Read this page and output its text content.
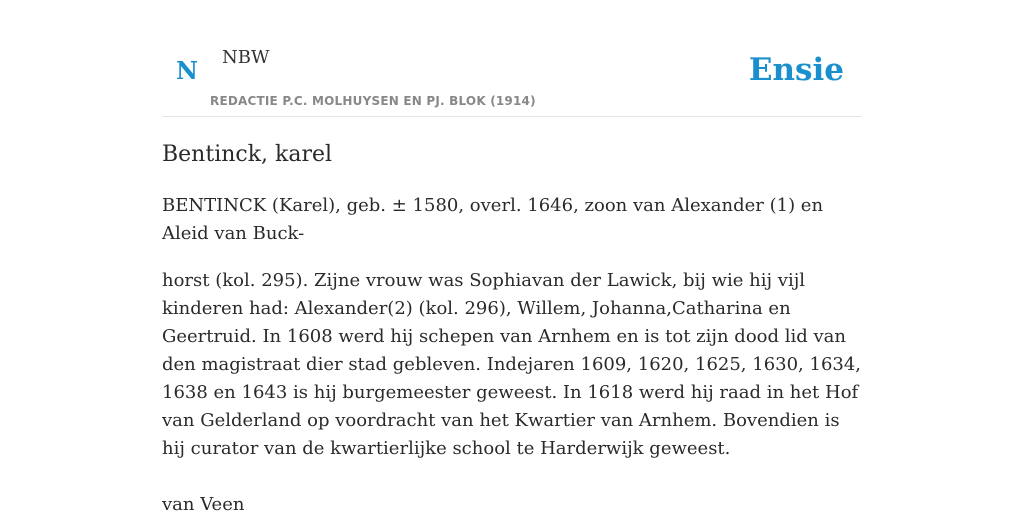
N NBW
REDACTIE P.C. MOLHUYSEN EN PJ. BLOK (1914)
Ensie
Bentinck, karel

BENTINCK (Karel), geb. ± 1580, overl. 1646, zoon van Alexander (1) en Aleid van Buck-

horst (kol. 295). Zijne vrouw was Sophiavan der Lawick, bij wie hij vijl kinderen had: Alexander(2) (kol. 296), Willem, Johanna,Catharina en Geertruid. In 1608 werd hij schepen van Arnhem en is tot zijn dood lid van den magistraat dier stad gebleven. Indejaren 1609, 1620, 1625, 1630, 1634, 1638 en 1643 is hij burgemeester geweest. In 1618 werd hij raad in het Hof van Gelderland op voordracht van het Kwartier van Arnhem. Bovendien is hij curator van de kwartierlijke school te Harderwijk geweest.

van Veen
